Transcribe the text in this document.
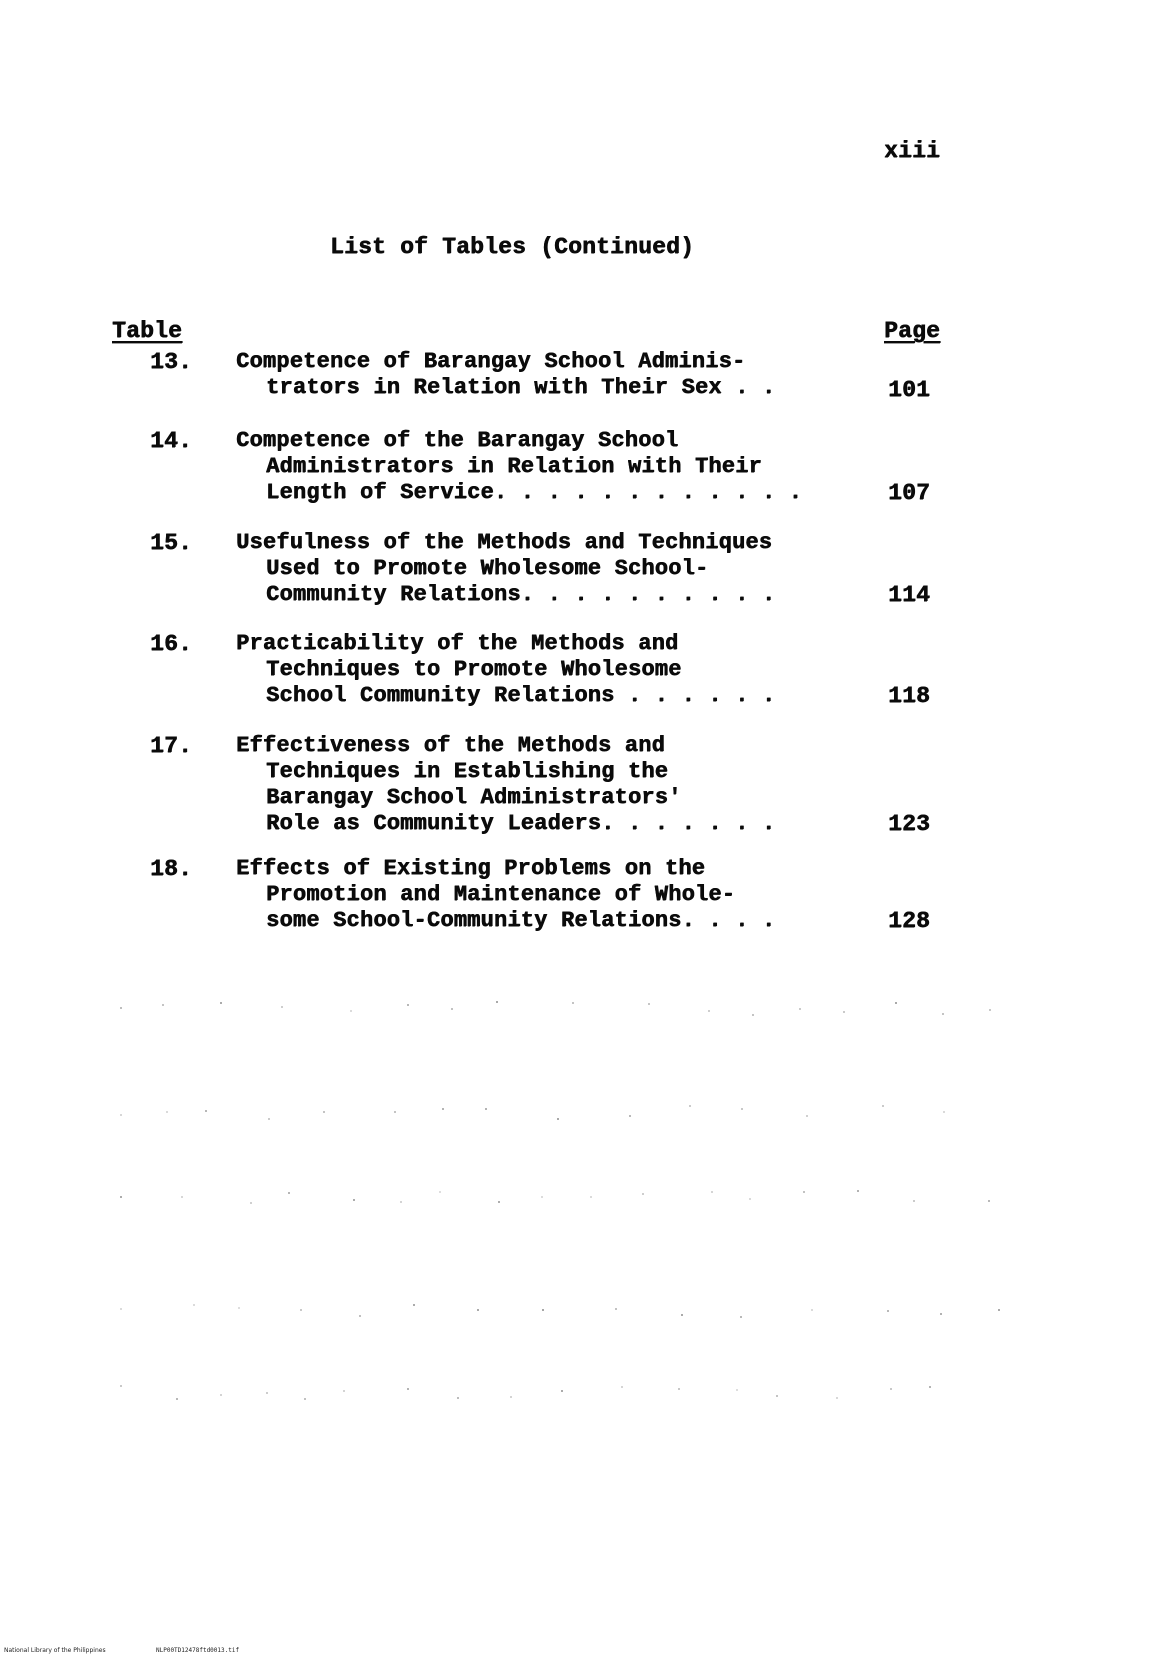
xiii
List of Tables (Continued)
Table	Page
13. Competence of Barangay School Adminis-
trators in Relation with Their Sex . .	101
14. Competence of the Barangay School
Administrators in Relation with Their
Length of Service. . . . . . . . . . . .	107
15. Usefulness of the Methods and Techniques
Used to Promote Wholesome School-
Community Relations. . . . . . . . . .	114
16. Practicability of the Methods and
Techniques to Promote Wholesome
School Community Relations . . . . . .	118
17. Effectiveness of the Methods and
Techniques in Establishing the
Barangay School Administrators'
Role as Community Leaders. . . . . . .	123
18. Effects of Existing Problems on the
Promotion and Maintenance of Whole-
some School-Community Relations. . . .	128
National Library of the Philippines	NLP00TD12478ftd0013.tif
